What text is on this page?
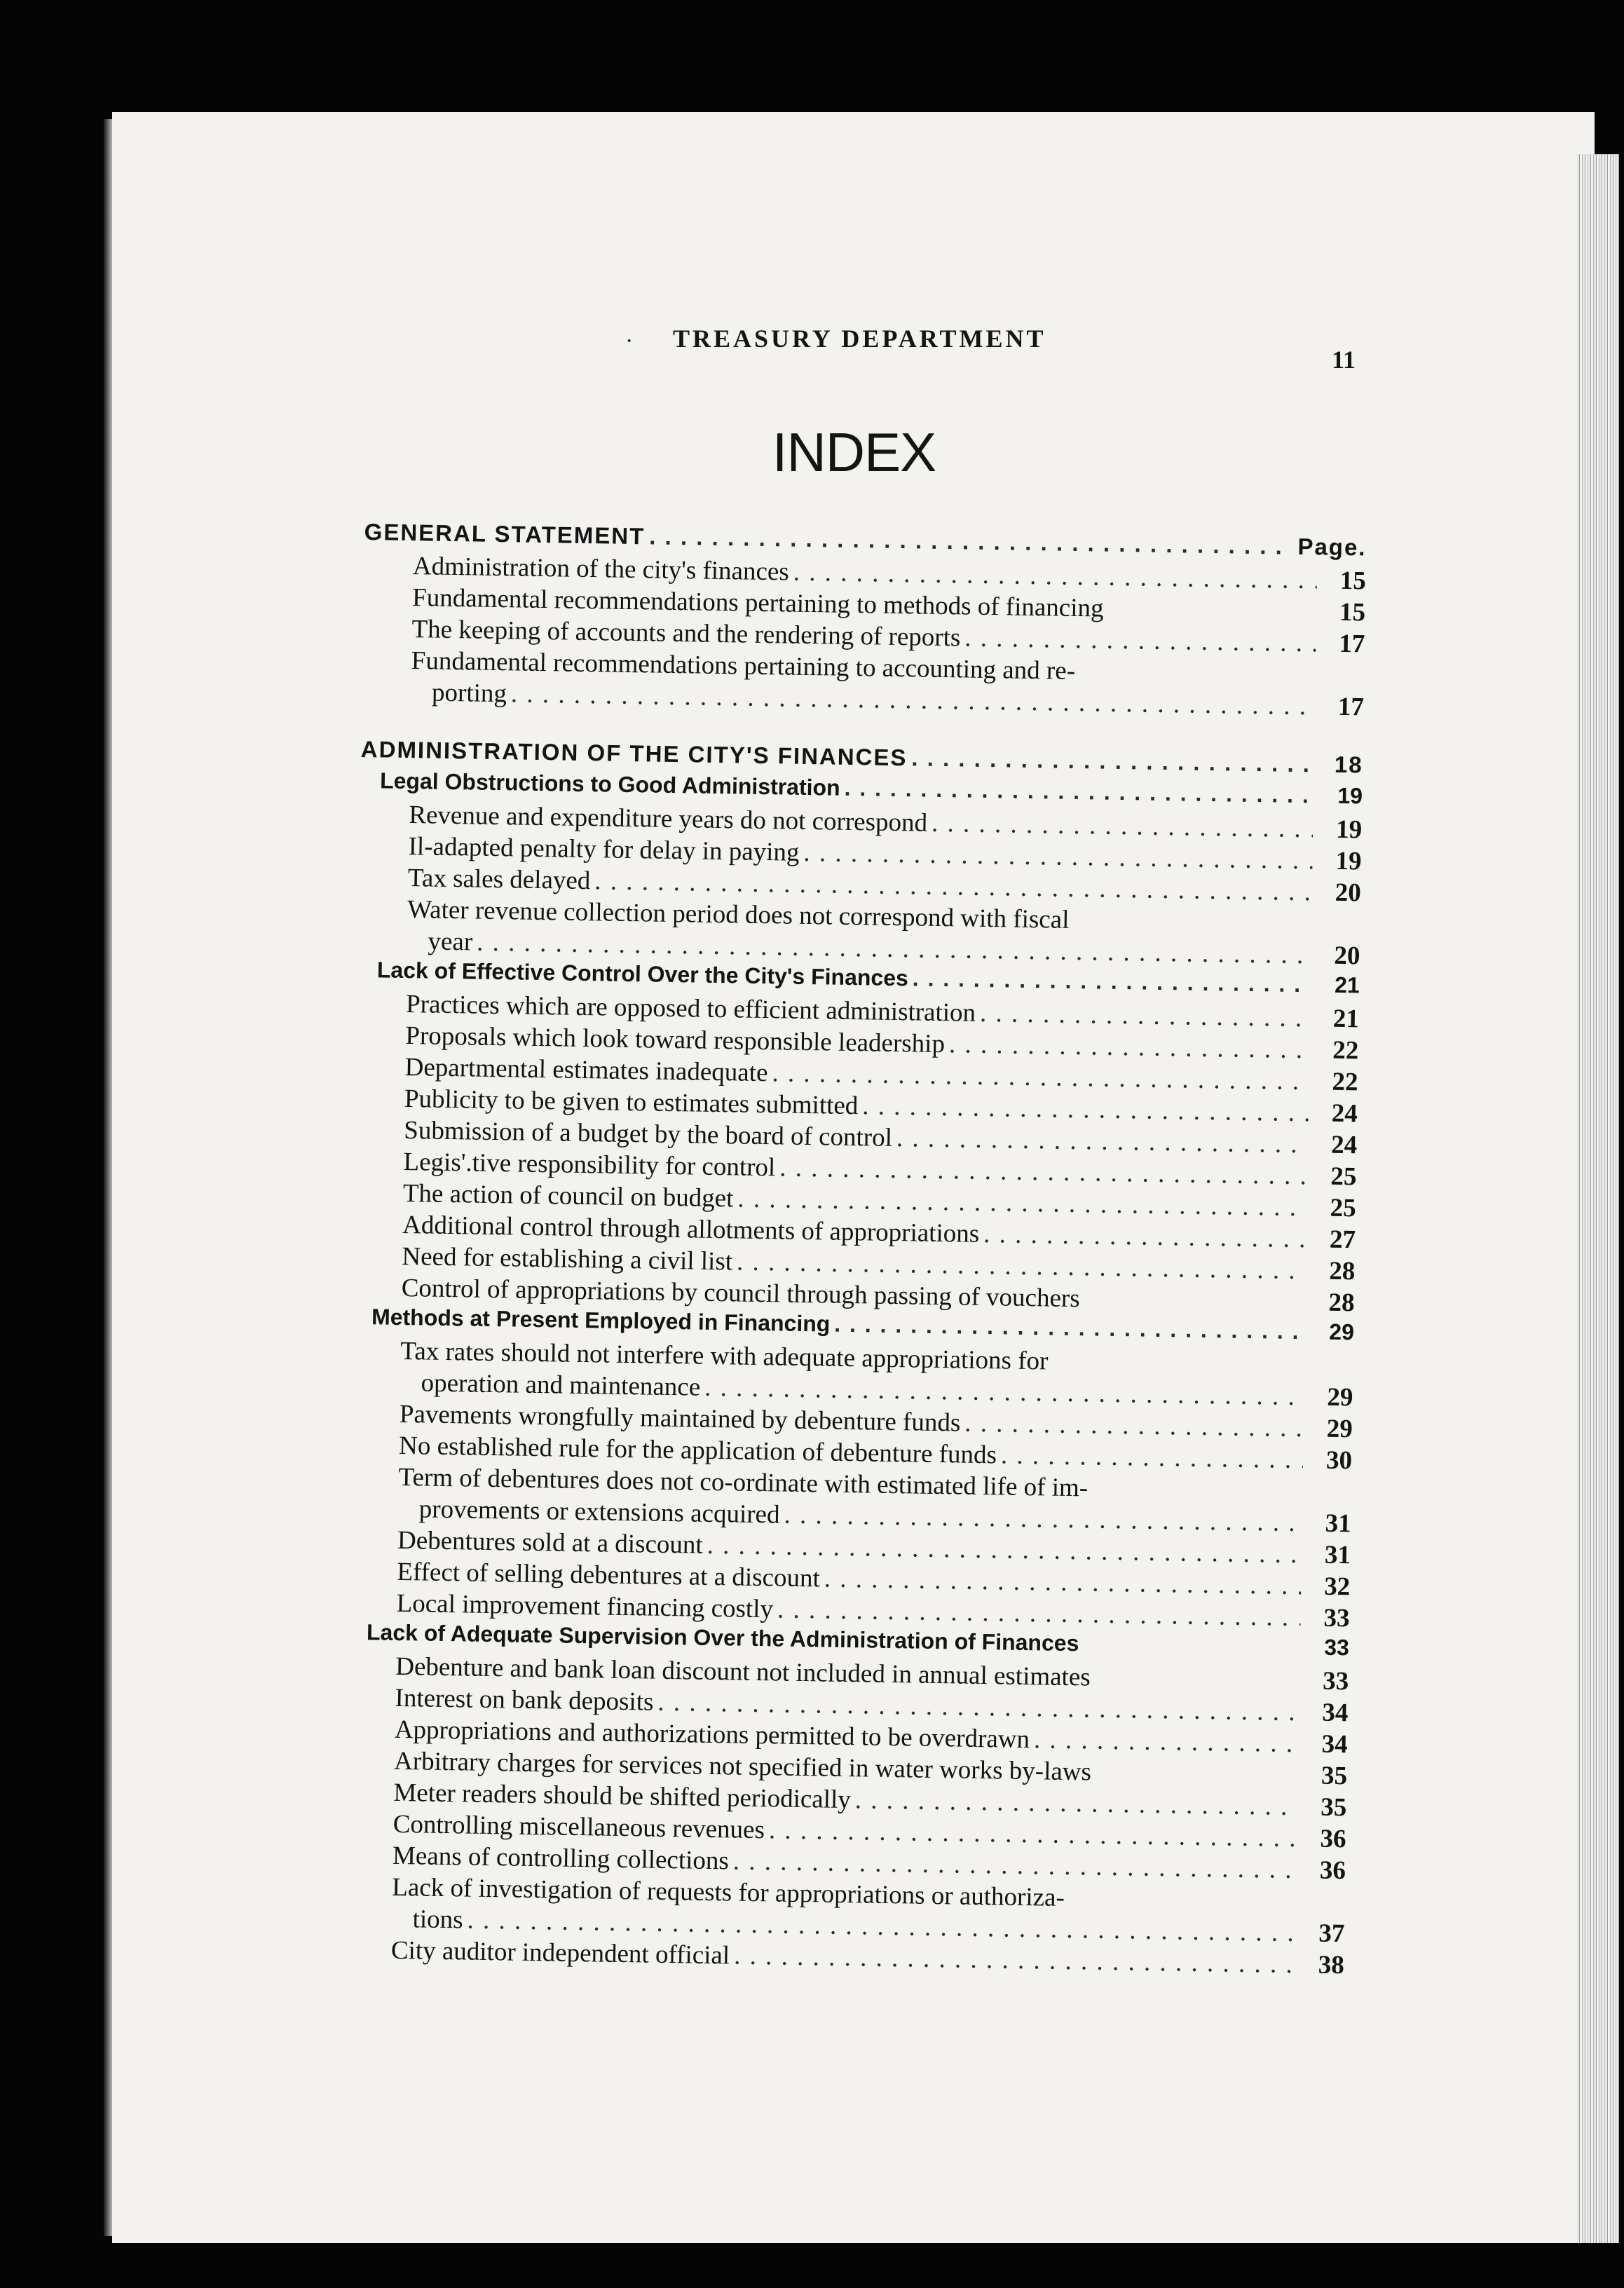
· TREASURY DEPARTMENT
11
INDEX
GENERAL STATEMENT . . .	Page.
Administration of the city's finances . . .	15
Fundamental recommendations pertaining to methods of financing	15
The keeping of accounts and the rendering of reports . . .	17
Fundamental recommendations pertaining to accounting and re-
porting . . .	17
ADMINISTRATION OF THE CITY'S FINANCES . . .	18
Legal Obstructions to Good Administration . . .	19
Revenue and expenditure years do not correspond . . .	19
Il-adapted penalty for delay in paying . . .	19
Tax sales delayed . . .	20
Water revenue collection period does not correspond with fiscal
year . . .	20
Lack of Effective Control Over the City's Finances . . .	21
Practices which are opposed to efficient administration . . .	21
Proposals which look toward responsible leadership . . .	22
Departmental estimates inadequate . . .	22
Publicity to be given to estimates submitted . . .	24
Submission of a budget by the board of control . . .	24
Legis'.tive responsibility for control . . .	25
The action of council on budget . . .	25
Additional control through allotments of appropriations . . .	27
Need for establishing a civil list . . .	28
Control of appropriations by council through passing of vouchers	28
Methods at Present Employed in Financing . . .	29
Tax rates should not interfere with adequate appropriations for
operation and maintenance . . .	29
Pavements wrongfully maintained by debenture funds . . .	29
No established rule for the application of debenture funds . . .	30
Term of debentures does not co-ordinate with estimated life of im-
provements or extensions acquired . . .	31
Debentures sold at a discount . . .	31
Effect of selling debentures at a discount . . .	32
Local improvement financing costly . . .	33
Lack of Adequate Supervision Over the Administration of Finances	33
Debenture and bank loan discount not included in annual estimates	33
Interest on bank deposits . . .	34
Appropriations and authorizations permitted to be overdrawn . . .	34
Arbitrary charges for services not specified in water works by-laws	35
Meter readers should be shifted periodically . . .	35
Controlling miscellaneous revenues . . .	36
Means of controlling collections . . .	36
Lack of investigation of requests for appropriations or authoriza-
tions . . .	37
City auditor independent official . . .	38
